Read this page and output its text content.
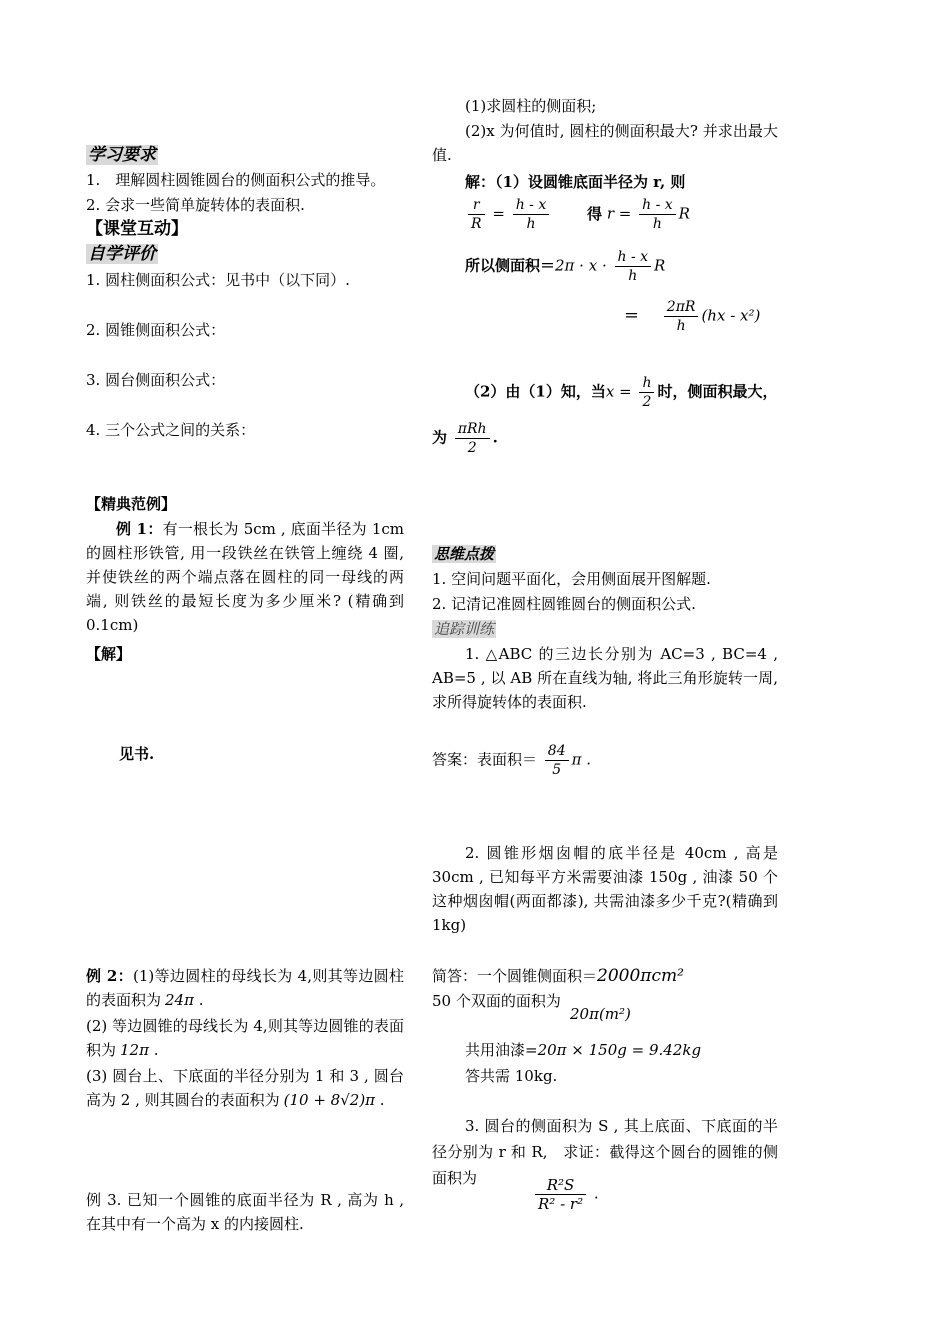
学习要求
1.　理解圆柱圆锥圆台的侧面积公式的推导。
2. 会求一些简单旋转体的表面积.
【课堂互动】
自学评价
1. 圆柱侧面积公式：见书中（以下同）.
2. 圆锥侧面积公式：
3. 圆台侧面积公式：
4. 三个公式之间的关系：
【精典范例】
例 1：有一根长为 5cm , 底面半径为 1cm 的圆柱形铁管, 用一段铁丝在铁管上缠绕 4 圈, 并使铁丝的两个端点落在圆柱的同一母线的两端, 则铁丝的最短长度为多少厘米? (精确到 0.1cm)
【解】
见书.
例 2：(1)等边圆柱的母线长为 4,则其等边圆柱的表面积为 24π .
(2) 等边圆锥的母线长为 4,则其等边圆锥的表面积为 12π .
(3) 圆台上、下底面的半径分别为 1 和 3 , 圆台高为 2 , 则其圆台的表面积为 (10 + 8√2)π .
例 3. 已知一个圆锥的底面半径为 R , 高为 h , 在其中有一个高为 x 的内接圆柱.
(1)求圆柱的侧面积;
(2)x 为何值时, 圆柱的侧面积最大? 并求出最大值.
解：（1）设圆锥底面半径为 r, 则
$\frac{r}{R} = \frac{h - x}{h}$	得 $r = \frac{h - x}{h}$ R
所以侧面积$=2\pi \cdot x \cdot \frac{h - x}{h}$ R
＝ $\frac{2\pi R}{h} (hx - x^2)$
（2）由（1）知，当$x = \frac{h}{2}$ 时，侧面积最大，
为 $\frac{\text{πRh}}{2}$ .
思维点拨
1. 空间问题平面化，会用侧面展开图解题.
2. 记清记准圆柱圆锥圆台的侧面积公式.
追踪训练
1. △ABC 的三边长分别为 AC=3 , BC=4 , AB=5 , 以 AB 所在直线为轴, 将此三角形旋转一周, 求所得旋转体的表面积.
答案：表面积＝ $\frac{84}{5}$ π .
2. 圆锥形烟囱帽的底半径是 40cm , 高是 30cm , 已知每平方米需要油漆 150g , 油漆 50 个这种烟囱帽(两面都漆), 共需油漆多少千克?(精确到 1kg)
简答：一个圆锥侧面积＝2000πcm²
50 个双面的面积为
20π(m²)
共用油漆=20π × 150g = 9.42kg
答共需 10kg.
3. 圆台的侧面积为 S , 其上底面、下底面的半径分别为 r 和 R,　求证：截得这个圆台的圆锥的侧面积为	$\frac{\text{R²S}}{\text{R² - r²}}$ .
